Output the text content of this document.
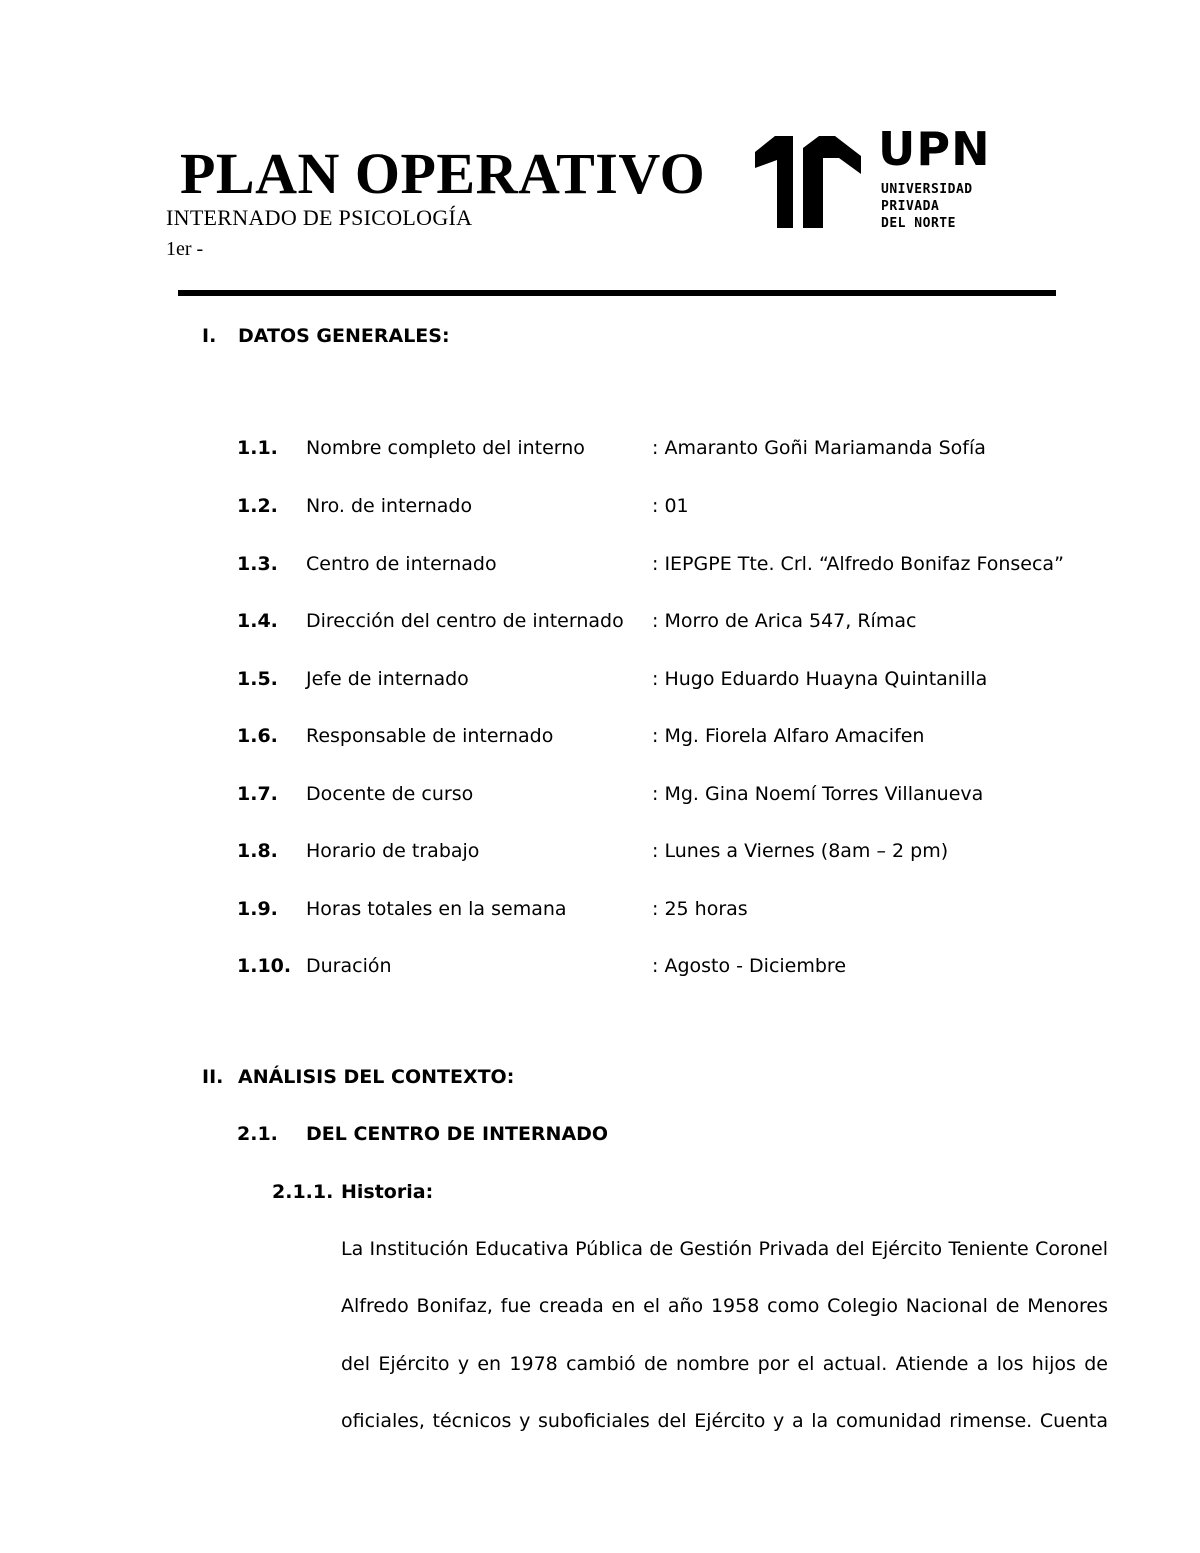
PLAN OPERATIVO
INTERNADO DE PSICOLOGÍA
1er -
UPN
UNIVERSIDAD
PRIVADA
DEL NORTE
I. DATOS GENERALES:
1.1. Nombre completo del interno	: Amaranto Goñi Mariamanda Sofía
1.2. Nro. de internado	: 01
1.3. Centro de internado	: IEPGPE Tte. Crl. “Alfredo Bonifaz Fonseca”
1.4. Dirección del centro de internado : Morro de Arica 547, Rímac
1.5. Jefe de internado	: Hugo Eduardo Huayna Quintanilla
1.6. Responsable de internado	: Mg. Fiorela Alfaro Amacifen
1.7. Docente de curso	: Mg. Gina Noemí Torres Villanueva
1.8. Horario de trabajo	: Lunes a Viernes (8am – 2 pm)
1.9. Horas totales en la semana	: 25 horas
1.10. Duración	: Agosto - Diciembre
II. ANÁLISIS DEL CONTEXTO:
2.1. DEL CENTRO DE INTERNADO
2.1.1. Historia:
La Institución Educativa Pública de Gestión Privada del Ejército Teniente Coronel
Alfredo Bonifaz, fue creada en el año 1958 como Colegio Nacional de Menores
del Ejército y en 1978 cambió de nombre por el actual. Atiende a los hijos de
oficiales, técnicos y suboficiales del Ejército y a la comunidad rimense. Cuenta
